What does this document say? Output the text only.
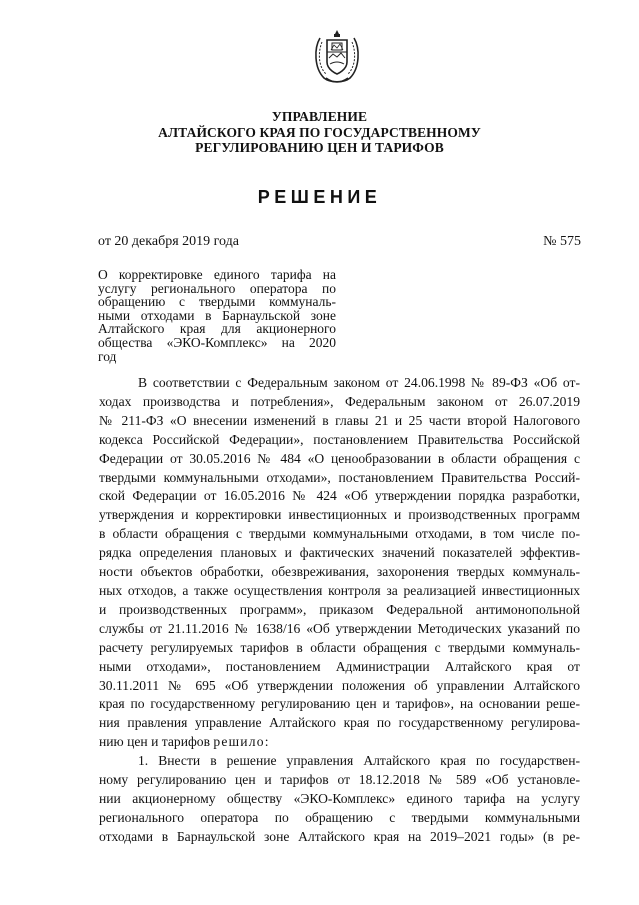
УПРАВЛЕНИЕ
АЛТАЙСКОГО КРАЯ ПО ГОСУДАРСТВЕННОМУ
РЕГУЛИРОВАНИЮ ЦЕН И ТАРИФОВ
РЕШЕНИЕ
от 20 декабря 2019 года	№ 575
О корректировке единого тарифа на
услугу регионального оператора по
обращению с твердыми коммуналь-
ными отходами в Барнаульской зоне
Алтайского края для акционерного
общества «ЭКО-Комплекс» на 2020
год
В соответствии с Федеральным законом от 24.06.1998 № 89-ФЗ «Об от-
ходах производства и потребления», Федеральным законом от 26.07.2019
№ 211-ФЗ «О внесении изменений в главы 21 и 25 части второй Налогового
кодекса Российской Федерации», постановлением Правительства Российской
Федерации от 30.05.2016 № 484 «О ценообразовании в области обращения с
твердыми коммунальными отходами», постановлением Правительства Россий-
ской Федерации от 16.05.2016 № 424 «Об утверждении порядка разработки,
утверждения и корректировки инвестиционных и производственных программ
в области обращения с твердыми коммунальными отходами, в том числе по-
рядка определения плановых и фактических значений показателей эффектив-
ности объектов обработки, обезвреживания, захоронения твердых коммуналь-
ных отходов, а также осуществления контроля за реализацией инвестиционных
и производственных программ», приказом Федеральной антимонопольной
службы от 21.11.2016 № 1638/16 «Об утверждении Методических указаний по
расчету регулируемых тарифов в области обращения с твердыми коммуналь-
ными отходами», постановлением Администрации Алтайского края от
30.11.2011 № 695 «Об утверждении положения об управлении Алтайского
края по государственному регулированию цен и тарифов», на основании реше-
ния правления управление Алтайского края по государственному регулирова-
нию цен и тарифов решило:
1. Внести в решение управления Алтайского края по государствен-
ному регулированию цен и тарифов от 18.12.2018 № 589 «Об установле-
нии акционерному обществу «ЭКО-Комплекс» единого тарифа на услугу
регионального оператора по обращению с твердыми коммунальными
отходами в Барнаульской зоне Алтайского края на 2019–2021 годы» (в ре-
